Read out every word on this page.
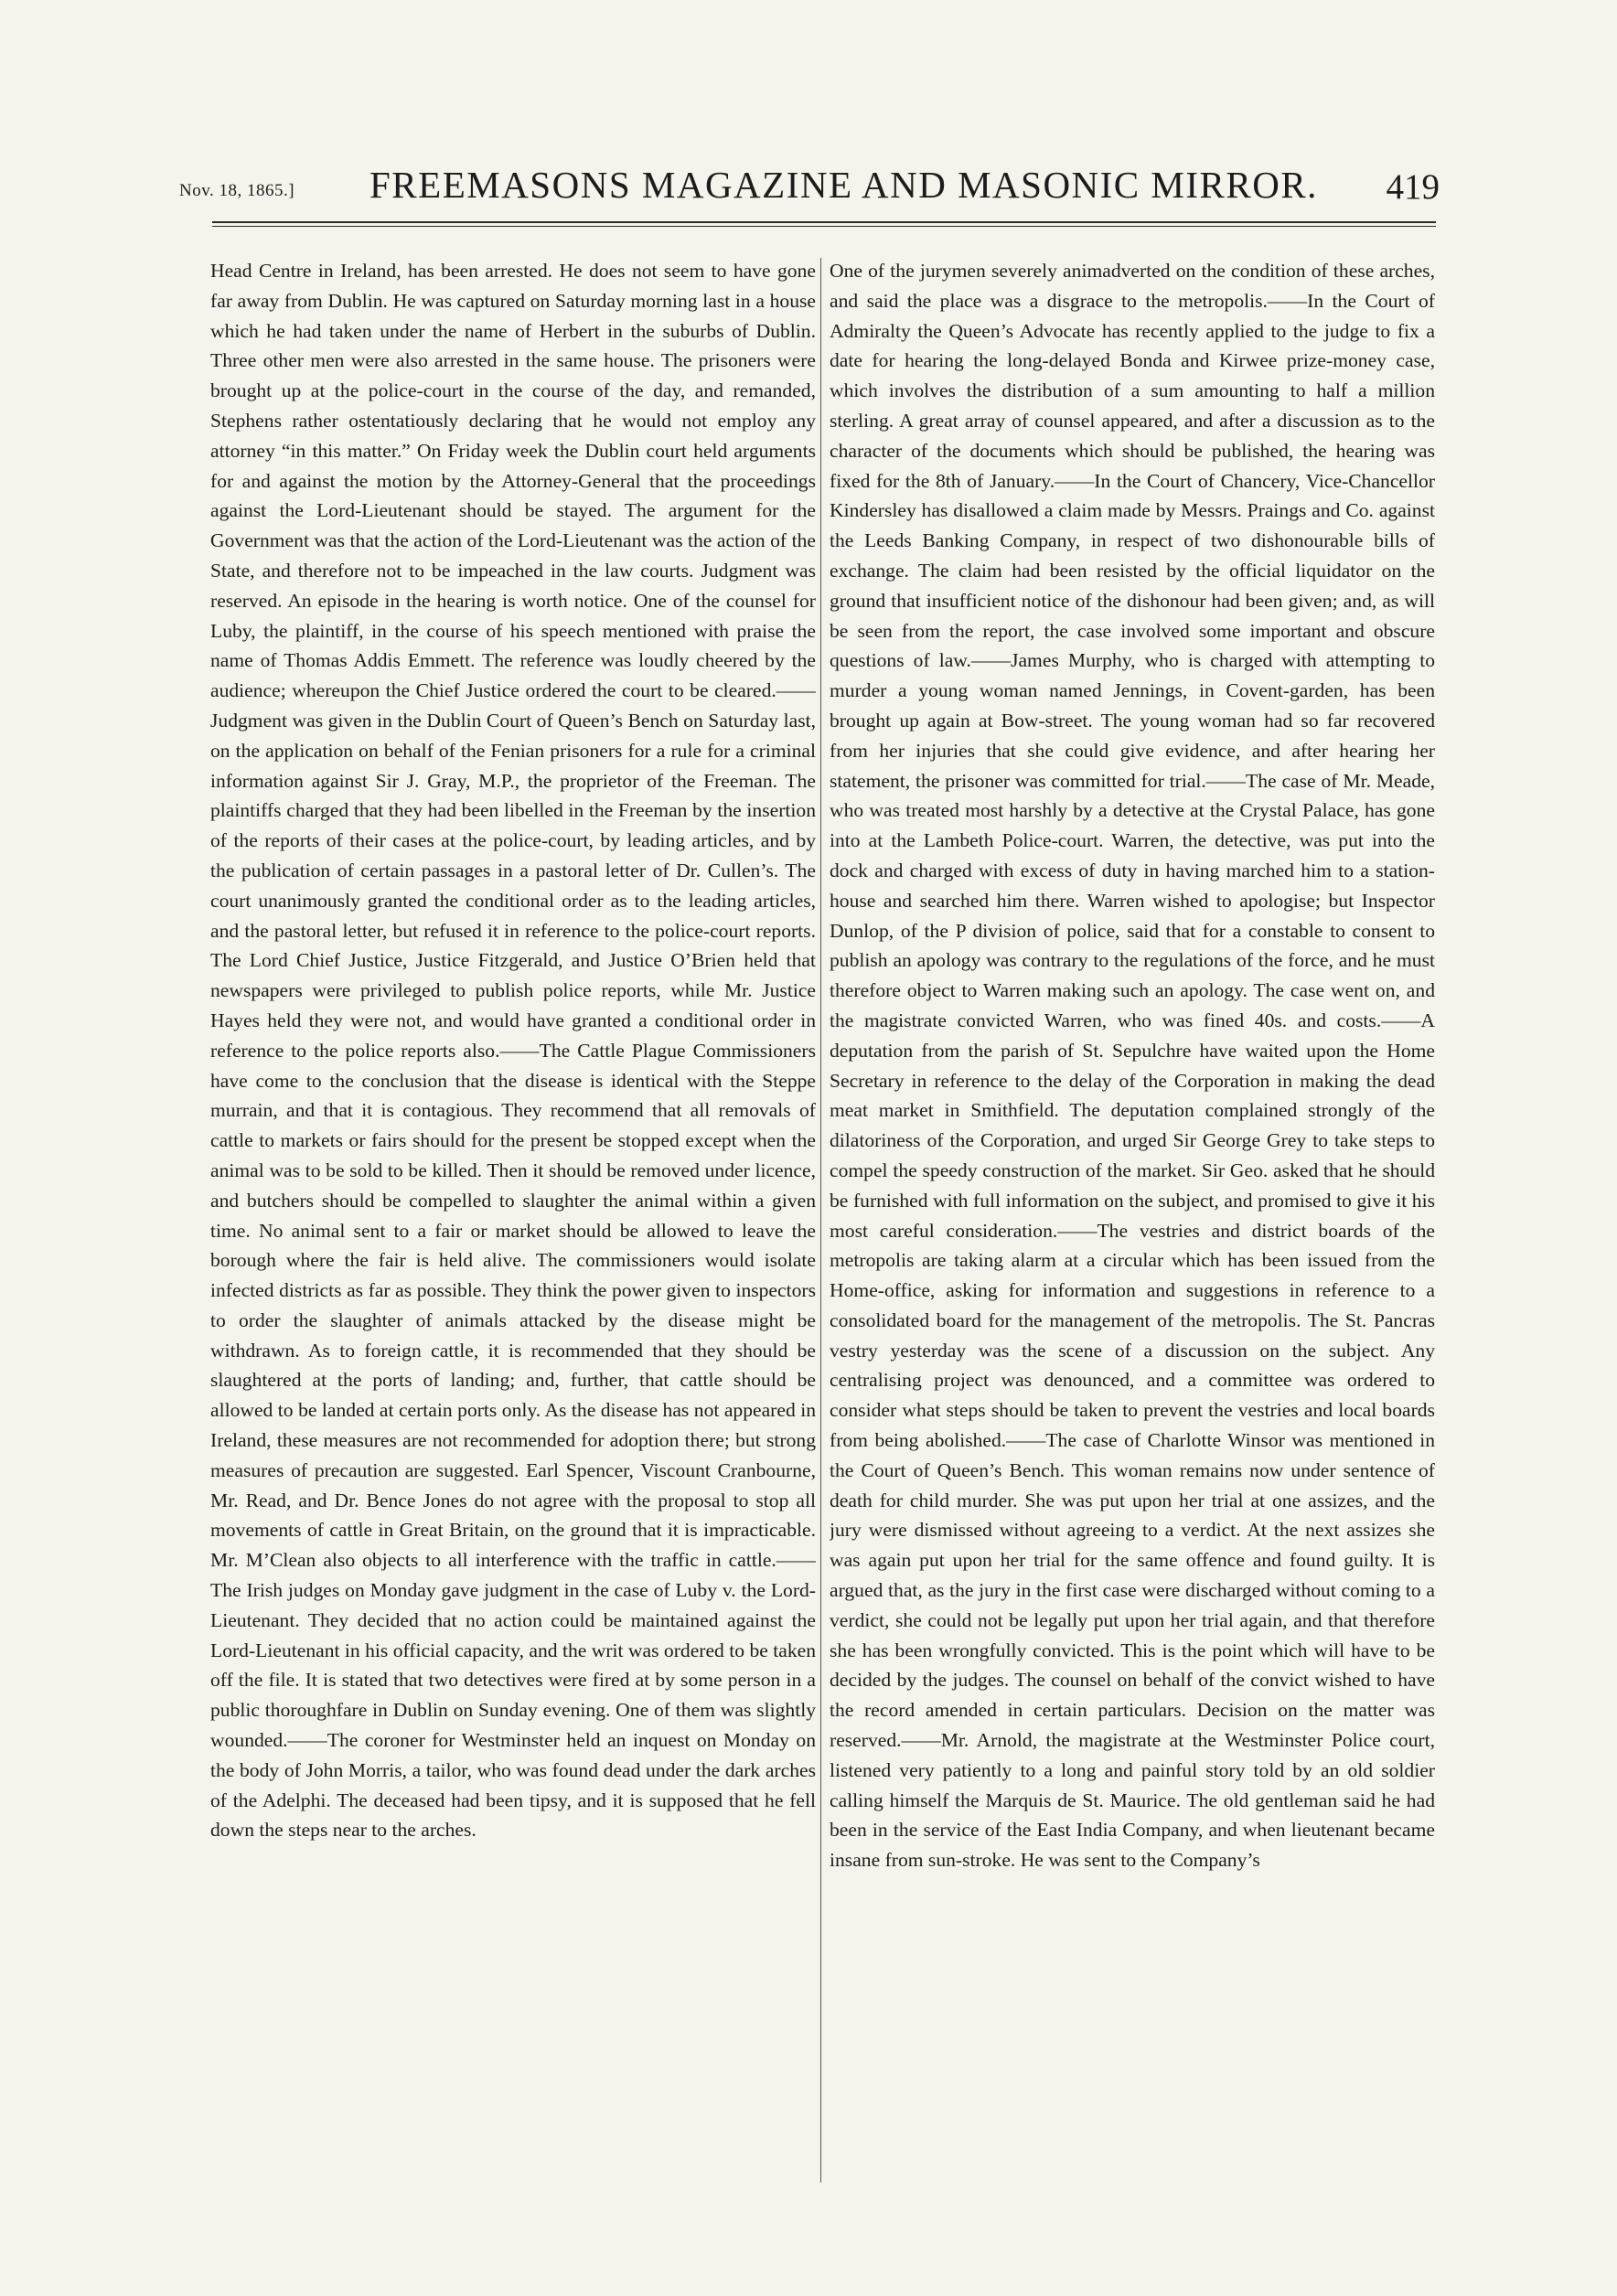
Nov. 18, 1865.] FREEMASONS MAGAZINE AND MASONIC MIRROR. 419

Head Centre in Ireland, has been arrested. He does not seem to have gone far away from Dublin. He was captured on Saturday morning last in a house which he had taken under the name of Herbert in the suburbs of Dublin. Three other men were also arrested in the same house. The prisoners were brought up at the police-court in the course of the day, and remanded, Stephens rather ostentatiously declaring that he would not employ any attorney “in this matter.” On Friday week the Dublin court held arguments for and against the motion by the Attorney-General that the proceedings against the Lord-Lieutenant should be stayed. The argument for the Government was that the action of the Lord-Lieutenant was the action of the State, and therefore not to be impeached in the law courts. Judgment was reserved. An episode in the hearing is worth notice. One of the counsel for Luby, the plaintiff, in the course of his speech mentioned with praise the name of Thomas Addis Emmett. The reference was loudly cheered by the audience; whereupon the Chief Justice ordered the court to be cleared.——Judgment was given in the Dublin Court of Queen’s Bench on Saturday last, on the application on behalf of the Fenian prisoners for a rule for a criminal information against Sir J. Gray, M.P., the proprietor of the Freeman. The plaintiffs charged that they had been libelled in the Freeman by the insertion of the reports of their cases at the police-court, by leading articles, and by the publication of certain passages in a pastoral letter of Dr. Cullen’s. The court unanimously granted the conditional order as to the leading articles, and the pastoral letter, but refused it in reference to the police-court reports. The Lord Chief Justice, Justice Fitzgerald, and Justice O’Brien held that newspapers were privileged to publish police reports, while Mr. Justice Hayes held they were not, and would have granted a conditional order in reference to the police reports also.——The Cattle Plague Commissioners have come to the conclusion that the disease is identical with the Steppe murrain, and that it is contagious. They recommend that all removals of cattle to markets or fairs should for the present be stopped except when the animal was to be sold to be killed. Then it should be removed under licence, and butchers should be compelled to slaughter the animal within a given time. No animal sent to a fair or market should be allowed to leave the borough where the fair is held alive. The commissioners would isolate infected districts as far as possible. They think the power given to inspectors to order the slaughter of animals attacked by the disease might be withdrawn. As to foreign cattle, it is recommended that they should be slaughtered at the ports of landing; and, further, that cattle should be allowed to be landed at certain ports only. As the disease has not appeared in Ireland, these measures are not recommended for adoption there; but strong measures of precaution are suggested. Earl Spencer, Viscount Cranbourne, Mr. Read, and Dr. Bence Jones do not agree with the proposal to stop all movements of cattle in Great Britain, on the ground that it is impracticable. Mr. M’Clean also objects to all interference with the traffic in cattle.——The Irish judges on Monday gave judgment in the case of Luby v. the Lord-Lieutenant. They decided that no action could be maintained against the Lord-Lieutenant in his official capacity, and the writ was ordered to be taken off the file. It is stated that two detectives were fired at by some person in a public thoroughfare in Dublin on Sunday evening. One of them was slightly wounded.——The coroner for Westminster held an inquest on Monday on the body of John Morris, a tailor, who was found dead under the dark arches of the Adelphi. The deceased had been tipsy, and it is supposed that he fell down the steps near to the arches.

One of the jurymen severely animadverted on the condition of these arches, and said the place was a disgrace to the metropolis.——In the Court of Admiralty the Queen’s Advocate has recently applied to the judge to fix a date for hearing the long-delayed Bonda and Kirwee prize-money case, which involves the distribution of a sum amounting to half a million sterling. A great array of counsel appeared, and after a discussion as to the character of the documents which should be published, the hearing was fixed for the 8th of January.——In the Court of Chancery, Vice-Chancellor Kindersley has disallowed a claim made by Messrs. Praings and Co. against the Leeds Banking Company, in respect of two dishonourable bills of exchange. The claim had been resisted by the official liquidator on the ground that insufficient notice of the dishonour had been given; and, as will be seen from the report, the case involved some important and obscure questions of law.——James Murphy, who is charged with attempting to murder a young woman named Jennings, in Covent-garden, has been brought up again at Bow-street. The young woman had so far recovered from her injuries that she could give evidence, and after hearing her statement, the prisoner was committed for trial.——The case of Mr. Meade, who was treated most harshly by a detective at the Crystal Palace, has gone into at the Lambeth Police-court. Warren, the detective, was put into the dock and charged with excess of duty in having marched him to a station-house and searched him there. Warren wished to apologise; but Inspector Dunlop, of the P division of police, said that for a constable to consent to publish an apology was contrary to the regulations of the force, and he must therefore object to Warren making such an apology. The case went on, and the magistrate convicted Warren, who was fined 40s. and costs.——A deputation from the parish of St. Sepulchre have waited upon the Home Secretary in reference to the delay of the Corporation in making the dead meat market in Smithfield. The deputation complained strongly of the dilatoriness of the Corporation, and urged Sir George Grey to take steps to compel the speedy construction of the market. Sir Geo. asked that he should be furnished with full information on the subject, and promised to give it his most careful consideration.——The vestries and district boards of the metropolis are taking alarm at a circular which has been issued from the Home-office, asking for information and suggestions in reference to a consolidated board for the management of the metropolis. The St. Pancras vestry yesterday was the scene of a discussion on the subject. Any centralising project was denounced, and a committee was ordered to consider what steps should be taken to prevent the vestries and local boards from being abolished.——The case of Charlotte Winsor was mentioned in the Court of Queen’s Bench. This woman remains now under sentence of death for child murder. She was put upon her trial at one assizes, and the jury were dismissed without agreeing to a verdict. At the next assizes she was again put upon her trial for the same offence and found guilty. It is argued that, as the jury in the first case were discharged without coming to a verdict, she could not be legally put upon her trial again, and that therefore she has been wrongfully convicted. This is the point which will have to be decided by the judges. The counsel on behalf of the convict wished to have the record amended in certain particulars. Decision on the matter was reserved.——Mr. Arnold, the magistrate at the Westminster Police court, listened very patiently to a long and painful story told by an old soldier calling himself the Marquis de St. Maurice. The old gentleman said he had been in the service of the East India Company, and when lieutenant became insane from sun-stroke. He was sent to the Company’s
